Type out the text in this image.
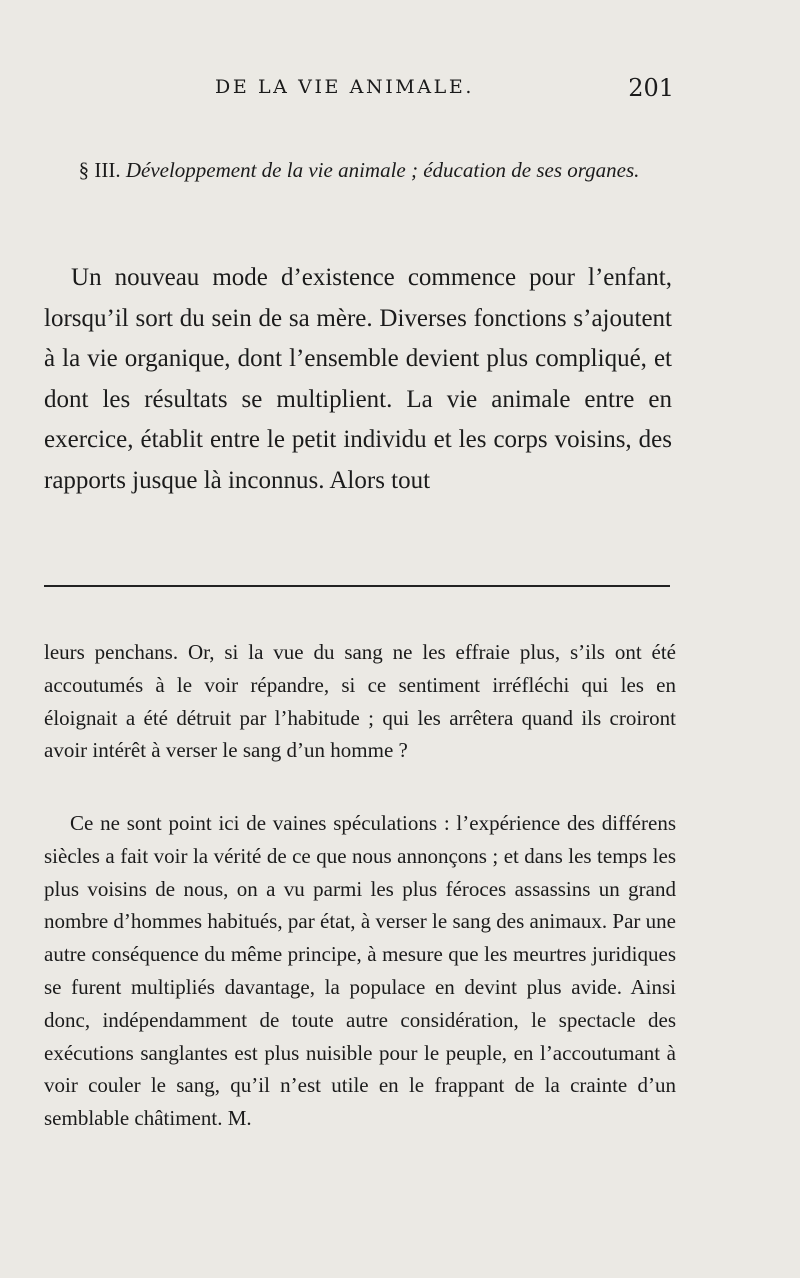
DE LA VIE ANIMALE.	201
§ III. Développement de la vie animale ; éducation de ses organes.

Un nouveau mode d’existence commence pour l’enfant, lorsqu’il sort du sein de sa mère. Diverses fonctions s’ajoutent à la vie organique, dont l’ensemble devient plus compliqué, et dont les résultats se multiplient. La vie animale entre en exercice, établit entre le petit individu et les corps voisins, des rapports jusque là inconnus. Alors tout

leurs penchans. Or, si la vue du sang ne les effraie plus, s’ils ont été accoutumés à le voir répandre, si ce sentiment irréfléchi qui les en éloignait a été détruit par l’habitude ; qui les arrêtera quand ils croiront avoir intérêt à verser le sang d’un homme ?

Ce ne sont point ici de vaines spéculations : l’expérience des différens siècles a fait voir la vérité de ce que nous annonçons ; et dans les temps les plus voisins de nous, on a vu parmi les plus féroces assassins un grand nombre d’hommes habitués, par état, à verser le sang des animaux. Par une autre conséquence du même principe, à mesure que les meurtres juridiques se furent multipliés davantage, la populace en devint plus avide. Ainsi donc, indépendamment de toute autre considération, le spectacle des exécutions sanglantes est plus nuisible pour le peuple, en l’accoutumant à voir couler le sang, qu’il n’est utile en le frappant de la crainte d’un semblable châtiment. M.
